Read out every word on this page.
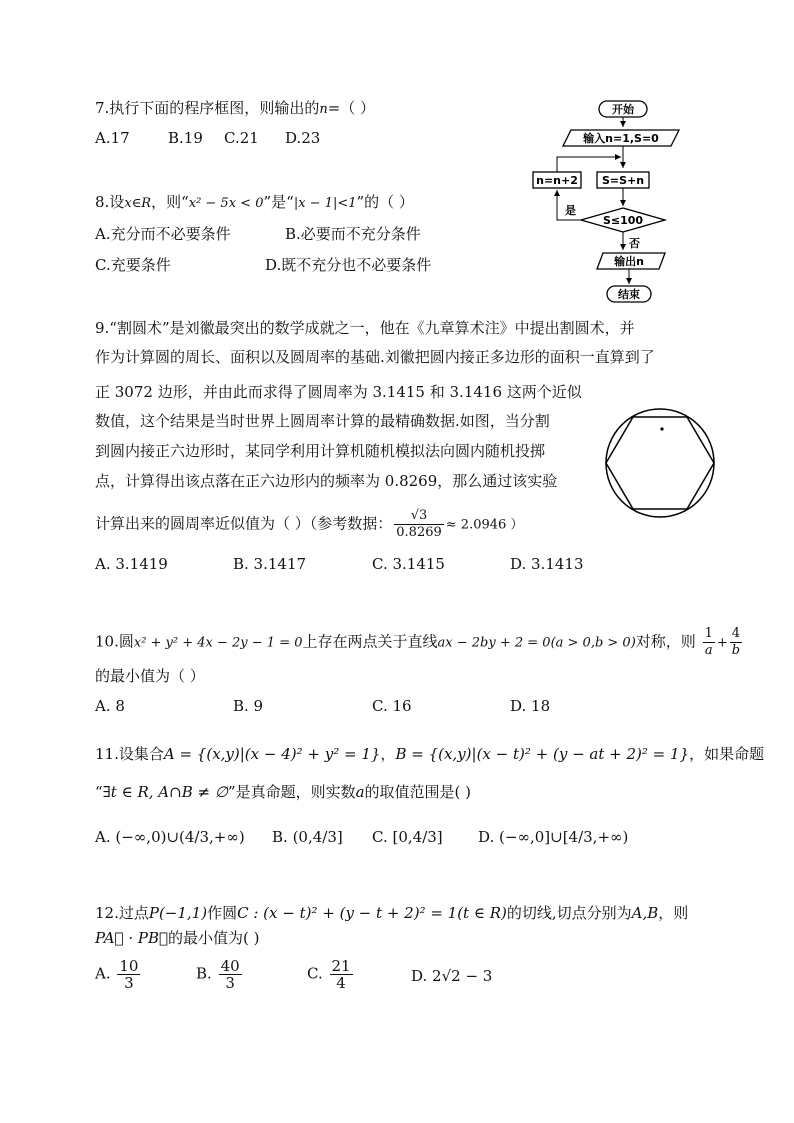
7.执行下面的程序框图，则输出的n=（ ）
A.17	B.19 C.21 D.23
开始
输入n=1,S=0
n=n+2 S=S+n
S≤100
是
否
输出n
结束
8.设x∈R，则“x² − 5x < 0”是“|x − 1|<1”的（ ）
A.充分而不必要条件	B.必要而不充分条件
C.充要条件	D.既不充分也不必要条件
9.“割圆术”是刘徽最突出的数学成就之一，他在《九章算术注》中提出割圆术，并
作为计算圆的周长、面积以及圆周率的基础.刘徽把圆内接正多边形的面积一直算到了
正 3072 边形，并由此而求得了圆周率为 3.1415 和 3.1416 这两个近似
数值，这个结果是当时世界上圆周率计算的最精确数据.如图，当分割
到圆内接正六边形时，某同学利用计算机随机模拟法向圆内随机投掷
点，计算得出该点落在正六边形内的频率为 0.8269，那么通过该实验
计算出来的圆周率近似值为（ ）（参考数据： $\frac{√3}{0.8269} \approx 2.0946$ ）
A. 3.1419	B. 3.1417	C. 3.1415	D. 3.1413
10.圆x² + y² + 4x − 2y − 1 = 0上存在两点关于直线ax − 2by + 2 = 0(a > 0,b > 0)对称，则 $\frac{1}{a} + \frac{4}{b}$
的最小值为（ ）
A. 8	B. 9	C. 16	D. 18
11.设集合A = {(x,y)|(x − 4)² + y² = 1}，B = {(x,y)|(x − t)² + (y − at + 2)² = 1}，如果命题
“∃t ∈ R, A∩B ≠ ∅”是真命题，则实数a的取值范围是( )
A. (−∞,0)∪(4/3,+∞) B. (0,4/3] C. [0,4/3] D. (−∞,0]∪[4/3,+∞)
12.过点P(−1,1)作圆C : (x − t)² + (y − t + 2)² = 1(t ∈ R)的切线,切点分别为A,B，则
PA⃗ · PB⃗的最小值为( )
A. $\frac{10}{3}$	B. $\frac{40}{3}$	C. $\frac{21}{4}$	D. 2√2 − 3
